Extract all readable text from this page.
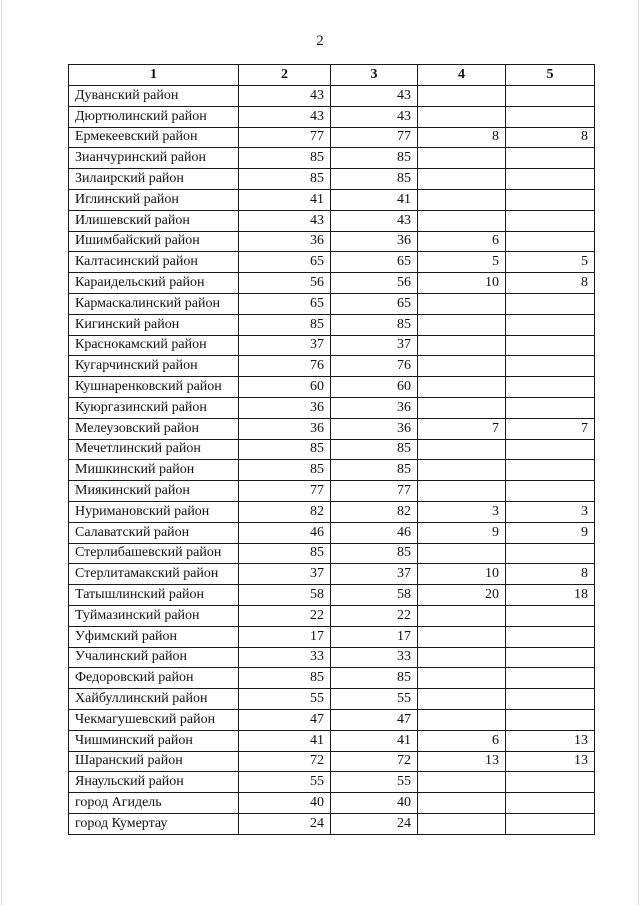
2
1	2	3	4	5
Дуванский район	43	43		
Дюртюлинский район	43	43		
Ермекеевский район	77	77	8	8
Зианчуринский район	85	85		
Зилаирский район	85	85		
Иглинский район	41	41		
Илишевский район	43	43		
Ишимбайский район	36	36	6	
Калтасинский район	65	65	5	5
Караидельский район	56	56	10	8
Кармаскалинский район	65	65		
Кигинский район	85	85		
Краснокамский район	37	37		
Кугарчинский район	76	76		
Кушнаренковский район	60	60		
Куюргазинский район	36	36		
Мелеузовский район	36	36	7	7
Мечетлинский район	85	85		
Мишкинский район	85	85		
Миякинский район	77	77		
Нуримановский район	82	82	3	3
Салаватский район	46	46	9	9
Стерлибашевский район	85	85		
Стерлитамакский район	37	37	10	8
Татышлинский район	58	58	20	18
Туймазинский район	22	22		
Уфимский район	17	17		
Учалинский район	33	33		
Федоровский район	85	85		
Хайбуллинский район	55	55		
Чекмагушевский район	47	47		
Чишминский район	41	41	6	13
Шаранский район	72	72	13	13
Янаульский район	55	55		
город Агидель	40	40		
город Кумертау	24	24		
